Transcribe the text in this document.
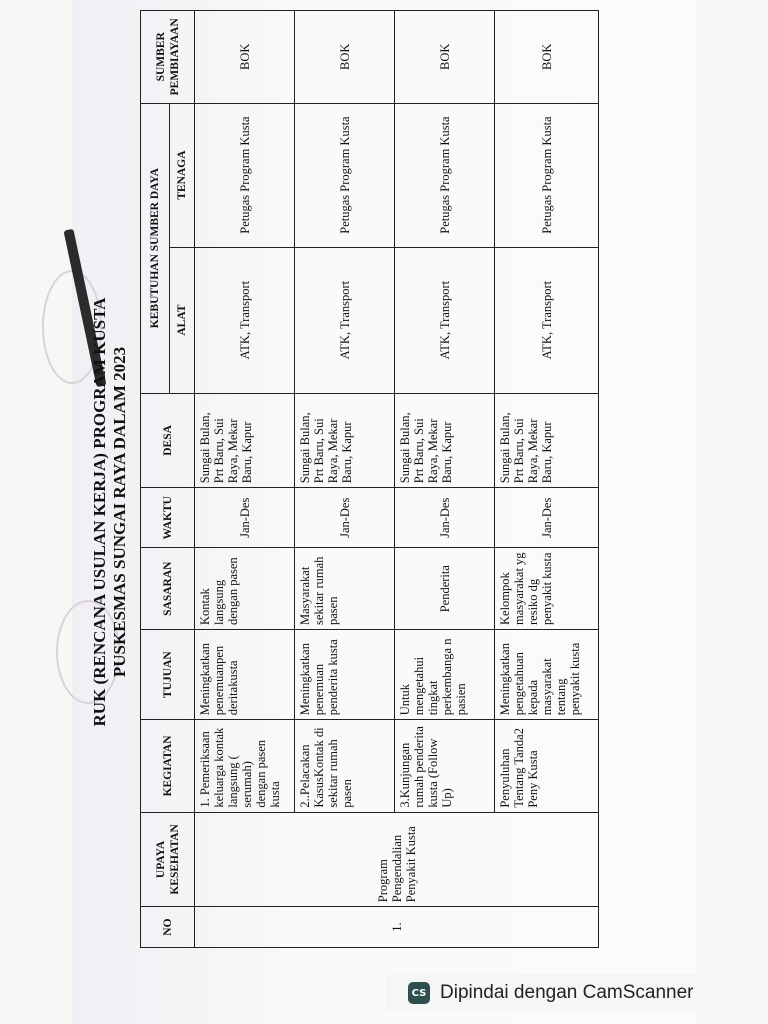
RUK (RENCANA USULAN KERJA) PROGRAM KUSTA PUSKESMAS SUNGAI RAYA DALAM 2023
NO	UPAYA KESEHATAN	KEGIATAN	TUJUAN	SASARAN	WAKTU	DESA	KEBUTUHAN SUMBER DAYA		SUMBER PEMBIAYAAN
							ALAT	TENAGA	
1.	Program Pengendalian Penyakit Kusta	1. Pemeriksaan keluarga kontak langsung ( serumah) dengan pasen kusta	Meningkatkan penemuanpen deritakusta	Kontak langsung dengan pasen	Jan-Des	Sungai Bulan, Prt Baru, Sui Raya, Mekar Baru, Kapur	ATK, Transport	Petugas Program Kusta	BOK
		2..Pelacakan KasusKontak di sekitar rumah pasen	Meningkatkan penemuan penderita kusta	Masyarakat sekitar rumah pasen	Jan-Des	Sungai Bulan, Prt Baru, Sui Raya, Mekar Baru, Kapur	ATK, Transport	Petugas Program Kusta	BOK
		3.Kunjungan rumah penderita kusta (Follow Up)	Untuk mengetahui tingkat perkembanga n pasien	Penderita	Jan-Des	Sungai Bulan, Prt Baru, Sui Raya, Mekar Baru, Kapur	ATK, Transport	Petugas Program Kusta	BOK
		Penyuluhan Tentang Tanda2 Peny Kusta	Meningkatkan pengetahuan kepada masyarakat tentang penyakit kusta	Kelompok masyarakat yg resiko dg penyakit kusta	Jan-Des	Sungai Bulan, Prt Baru, Sui Raya, Mekar Baru, Kapur	ATK, Transport	Petugas Program Kusta	BOK
CS Dipindai dengan CamScanner
